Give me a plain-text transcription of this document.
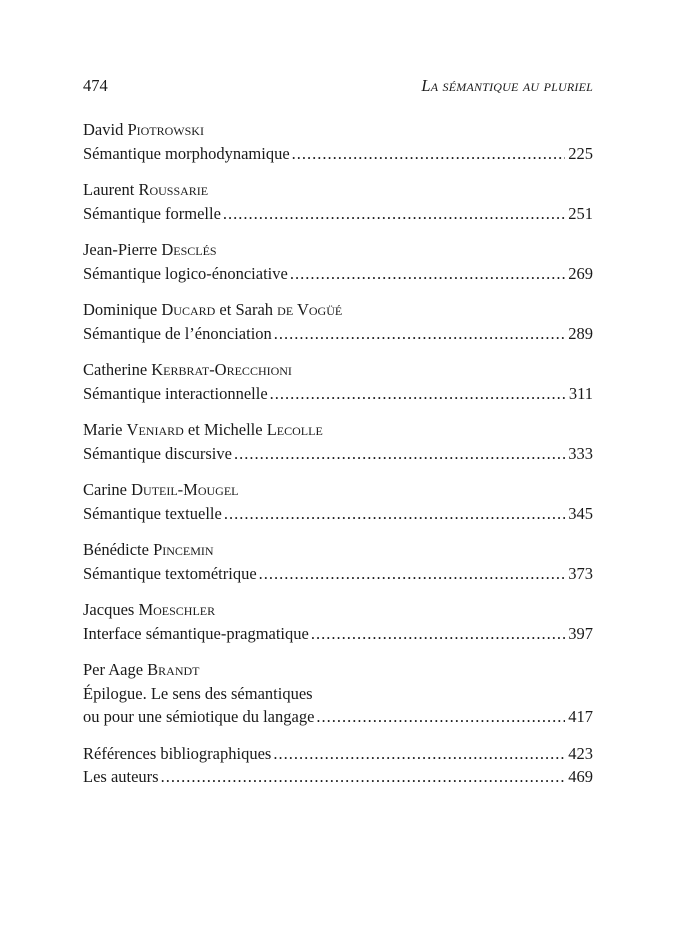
474	La sémantique au pluriel
David Piotrowski
Sémantique morphodynamique .....	225
Laurent Roussarie
Sémantique formelle .....	251
Jean-Pierre Desclés
Sémantique logico-énonciative .....	269
Dominique Ducard et Sarah de Vogüé
Sémantique de l’énonciation .....	289
Catherine Kerbrat-Orecchioni
Sémantique interactionnelle .....	311
Marie Veniard et Michelle Lecolle
Sémantique discursive .....	333
Carine Duteil-Mougel
Sémantique textuelle .....	345
Bénédicte Pincemin
Sémantique textométrique .....	373
Jacques Moeschler
Interface sémantique-pragmatique .....	397
Per Aage Brandt
Épilogue. Le sens des sémantiques
ou pour une sémiotique du langage .....	417
Références bibliographiques .....	423
Les auteurs .....	469
